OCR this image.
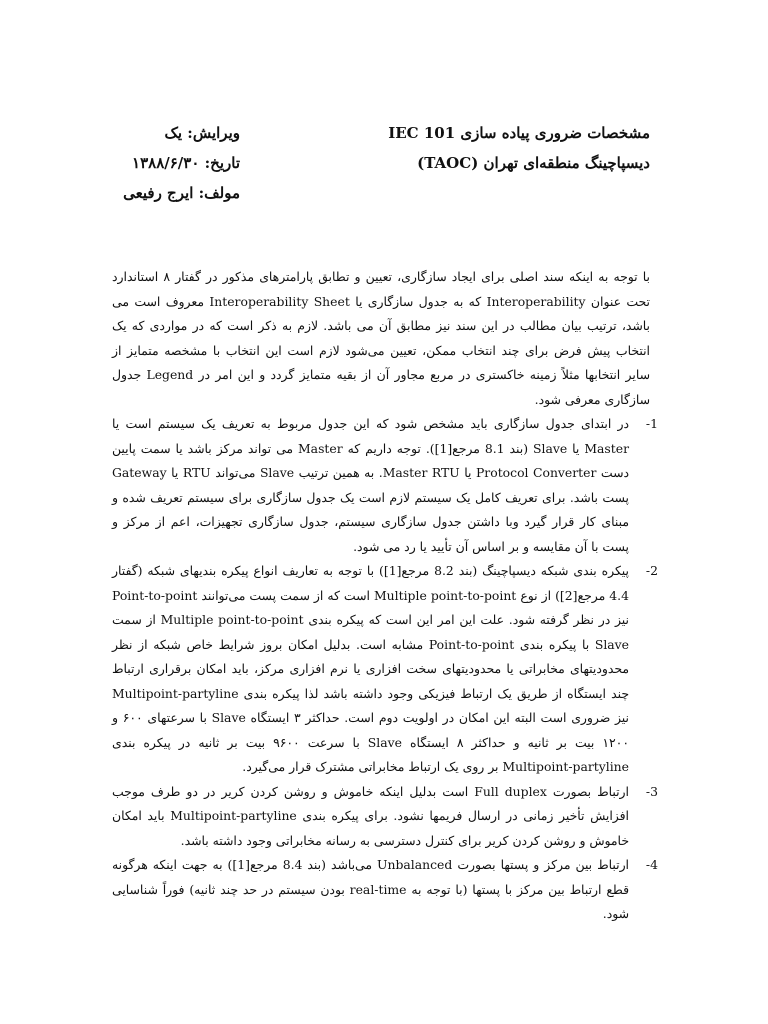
مشخصات ضروری پیاده سازی IEC 101
دیسپاچینگ منطقه‌ای تهران (TAOC)
ویرایش: یک
تاریخ: ۱۳۸۸/۶/۳۰
مولف: ایرج رفیعی

با توجه به اینکه سند اصلی برای ایجاد سازگاری، تعیین و تطابق پارامترهای مذکور در گفتار ۸ استاندارد تحت عنوان Interoperability که به جدول سازگاری یا Interoperability Sheet معروف است می باشد، ترتیب بیان مطالب در این سند نیز مطابق آن می باشد. لازم به ذکر است که در مواردی که یک انتخاب پیش فرض برای چند انتخاب ممکن، تعیین می‌شود لازم است این انتخاب با مشخصه متمایز از سایر انتخابها مثلاً زمینه خاکستری در مربع مجاور آن از بقیه متمایز گردد و این امر در Legend جدول سازگاری معرفی شود.

-1
در ابتدای جدول سازگاری باید مشخص شود که این جدول مربوط به تعریف یک سیستم است یا Master یا Slave (بند 8.1 مرجع[1]). توجه داریم که Master می تواند مرکز باشد یا سمت پایین دست Protocol Converter یا Master RTU. به همین ترتیب Slave می‌تواند RTU یا Gateway پست باشد. برای تعریف کامل یک سیستم لازم است یک جدول سازگاری برای سیستم تعریف شده و مبنای کار قرار گیرد وبا داشتن جدول سازگاری سیستم، جدول سازگاری تجهیزات، اعم از مرکز و پست با آن مقایسه و بر اساس آن تأیید یا رد می شود.
-2
پیکره بندی شبکه دیسپاچینگ (بند 8.2 مرجع[1]) با توجه به تعاریف انواع پیکره بندیهای شبکه (گفتار 4.4 مرجع[2]) از نوع Multiple point-to-point است که از سمت پست می‌توانند Point-to-point نیز در نظر گرفته شود. علت این امر این است که پیکره بندی Multiple point-to-point از سمت Slave با پیکره بندی Point-to-point مشابه است. بدلیل امکان بروز شرایط خاص شبکه از نظر محدودیتهای مخابراتی یا محدودیتهای سخت افزاری یا نرم افزاری مرکز، باید امکان برقراری ارتباط چند ایستگاه از طریق یک ارتباط فیزیکی وجود داشته باشد لذا پیکره بندی Multipoint-partyline نیز ضروری است البته این امکان در اولویت دوم است. حداکثر ۳ ایستگاه Slave با سرعتهای ۶۰۰ و ۱۲۰۰ بیت بر ثانیه و حداکثر ۸ ایستگاه Slave با سرعت ۹۶۰۰ بیت بر ثانیه در پیکره بندی Multipoint-partyline بر روی یک ارتباط مخابراتی مشترک قرار می‌گیرد.
-3
ارتباط بصورت Full duplex است بدلیل اینکه خاموش و روشن کردن کریر در دو طرف موجب افزایش تأخیر زمانی در ارسال فریمها نشود. برای پیکره بندی Multipoint-partyline باید امکان خاموش و روشن کردن کریر برای کنترل دسترسی به رسانه مخابراتی وجود داشته باشد.
-4
ارتباط بین مرکز و پستها بصورت Unbalanced می‌باشد (بند 8.4 مرجع[1]) به جهت اینکه هرگونه قطع ارتباط بین مرکز با پستها (با توجه به real-time بودن سیستم در حد چند ثانیه) فوراً شناسایی شود.
